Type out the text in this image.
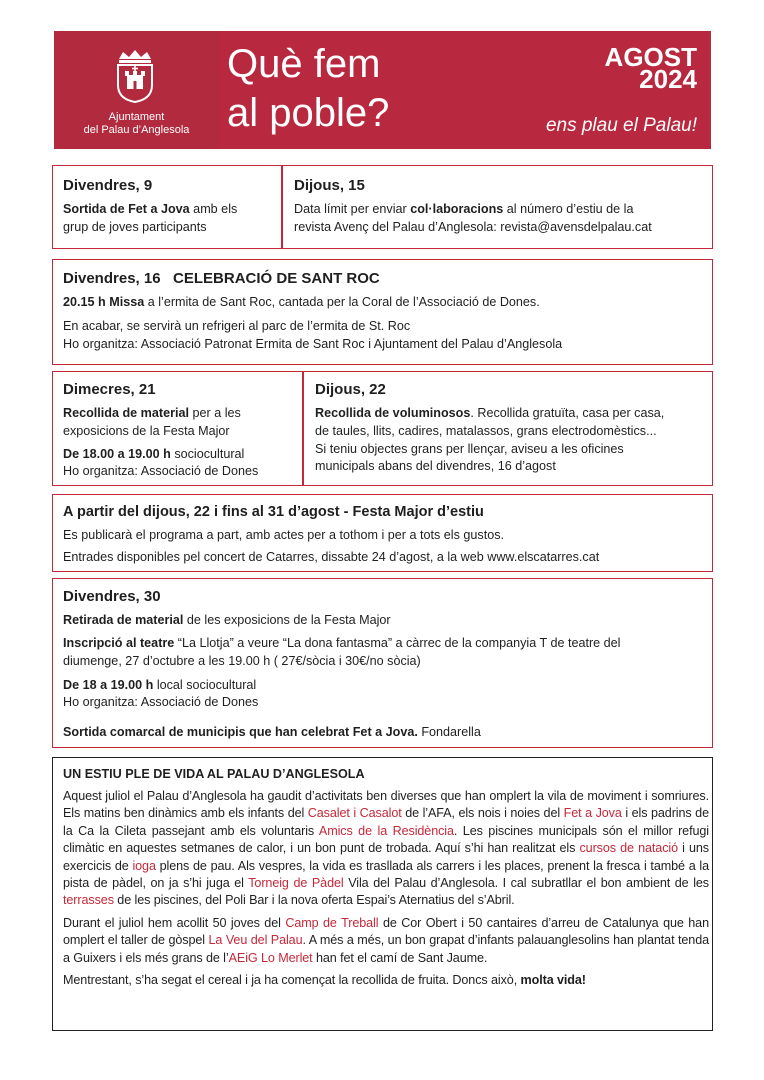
Ajuntament
del Palau d’Anglesola
Què fem
al poble?
AGOST
2024
ens plau el Palau!
Divendres, 9
Sortida de Fet a Jova amb els
grup de joves participants
Dijous, 15
Data límit per enviar col·laboracions al número d’estiu de la
revista Avenç del Palau d’Anglesola: revista@avensdelpalau.cat
Divendres, 16   CELEBRACIÓ DE SANT ROC
20.15 h Missa a l’ermita de Sant Roc, cantada per la Coral de l’Associació de Dones.
En acabar, se servirà un refrigeri al parc de l’ermita de St. Roc
Ho organitza: Associació Patronat Ermita de Sant Roc i Ajuntament del Palau d’Anglesola
Dimecres, 21
Recollida de material per a les
exposicions de la Festa Major
De 18.00 a 19.00 h sociocultural
Ho organitza: Associació de Dones
Dijous, 22
Recollida de voluminosos. Recollida gratuïta, casa per casa,
de taules, llits, cadires, matalassos, grans electrodomèstics...
Si teniu objectes grans per llençar, aviseu a les oficines
municipals abans del divendres, 16 d’agost
A partir del dijous, 22 i fins al 31 d’agost - Festa Major d’estiu
Es publicarà el programa a part, amb actes per a tothom i per a tots els gustos.
Entrades disponibles pel concert de Catarres, dissabte 24 d’agost, a la web www.elscatarres.cat
Divendres, 30
Retirada de material de les exposicions de la Festa Major
Inscripció al teatre “La Llotja” a veure “La dona fantasma” a càrrec de la companyia T de teatre del
diumenge, 27 d’octubre a les 19.00 h ( 27€/sòcia i 30€/no sòcia)
De 18 a 19.00 h local sociocultural
Ho organitza: Associació de Dones
Sortida comarcal de municipis que han celebrat Fet a Jova. Fondarella
UN ESTIU PLE DE VIDA AL PALAU D’ANGLESOLA

Aquest juliol el Palau d’Anglesola ha gaudit d’activitats ben diverses que han omplert la vila de moviment i somriures. Els matins ben dinàmics amb els infants del Casalet i Casalot de l’AFA, els nois i noies del Fet a Jova i els padrins de la Ca la Cileta passejant amb els voluntaris Amics de la Residència. Les piscines municipals són el millor refugi climàtic en aquestes setmanes de calor, i un bon punt de trobada. Aquí s’hi han realitzat els cursos de natació i uns exercicis de ioga plens de pau. Als vespres, la vida es trasllada als carrers i les places, prenent la fresca i també a la pista de pàdel, on ja s’hi juga el Torneig de Pàdel Vila del Palau d’Anglesola. I cal subratllar el bon ambient de les terrasses de les piscines, del Poli Bar i la nova oferta Espai’s Aternatius del s’Abril.

Durant el juliol hem acollit 50 joves del Camp de Treball de Cor Obert i 50 cantaires d’arreu de Catalunya que han omplert el taller de gòspel La Veu del Palau. A més a més, un bon grapat d’infants palauanglesolins han plantat tenda a Guixers i els més grans de l’AEiG Lo Merlet han fet el camí de Sant Jaume.

Mentrestant, s’ha segat el cereal i ja ha començat la recollida de fruita. Doncs això, molta vida!
